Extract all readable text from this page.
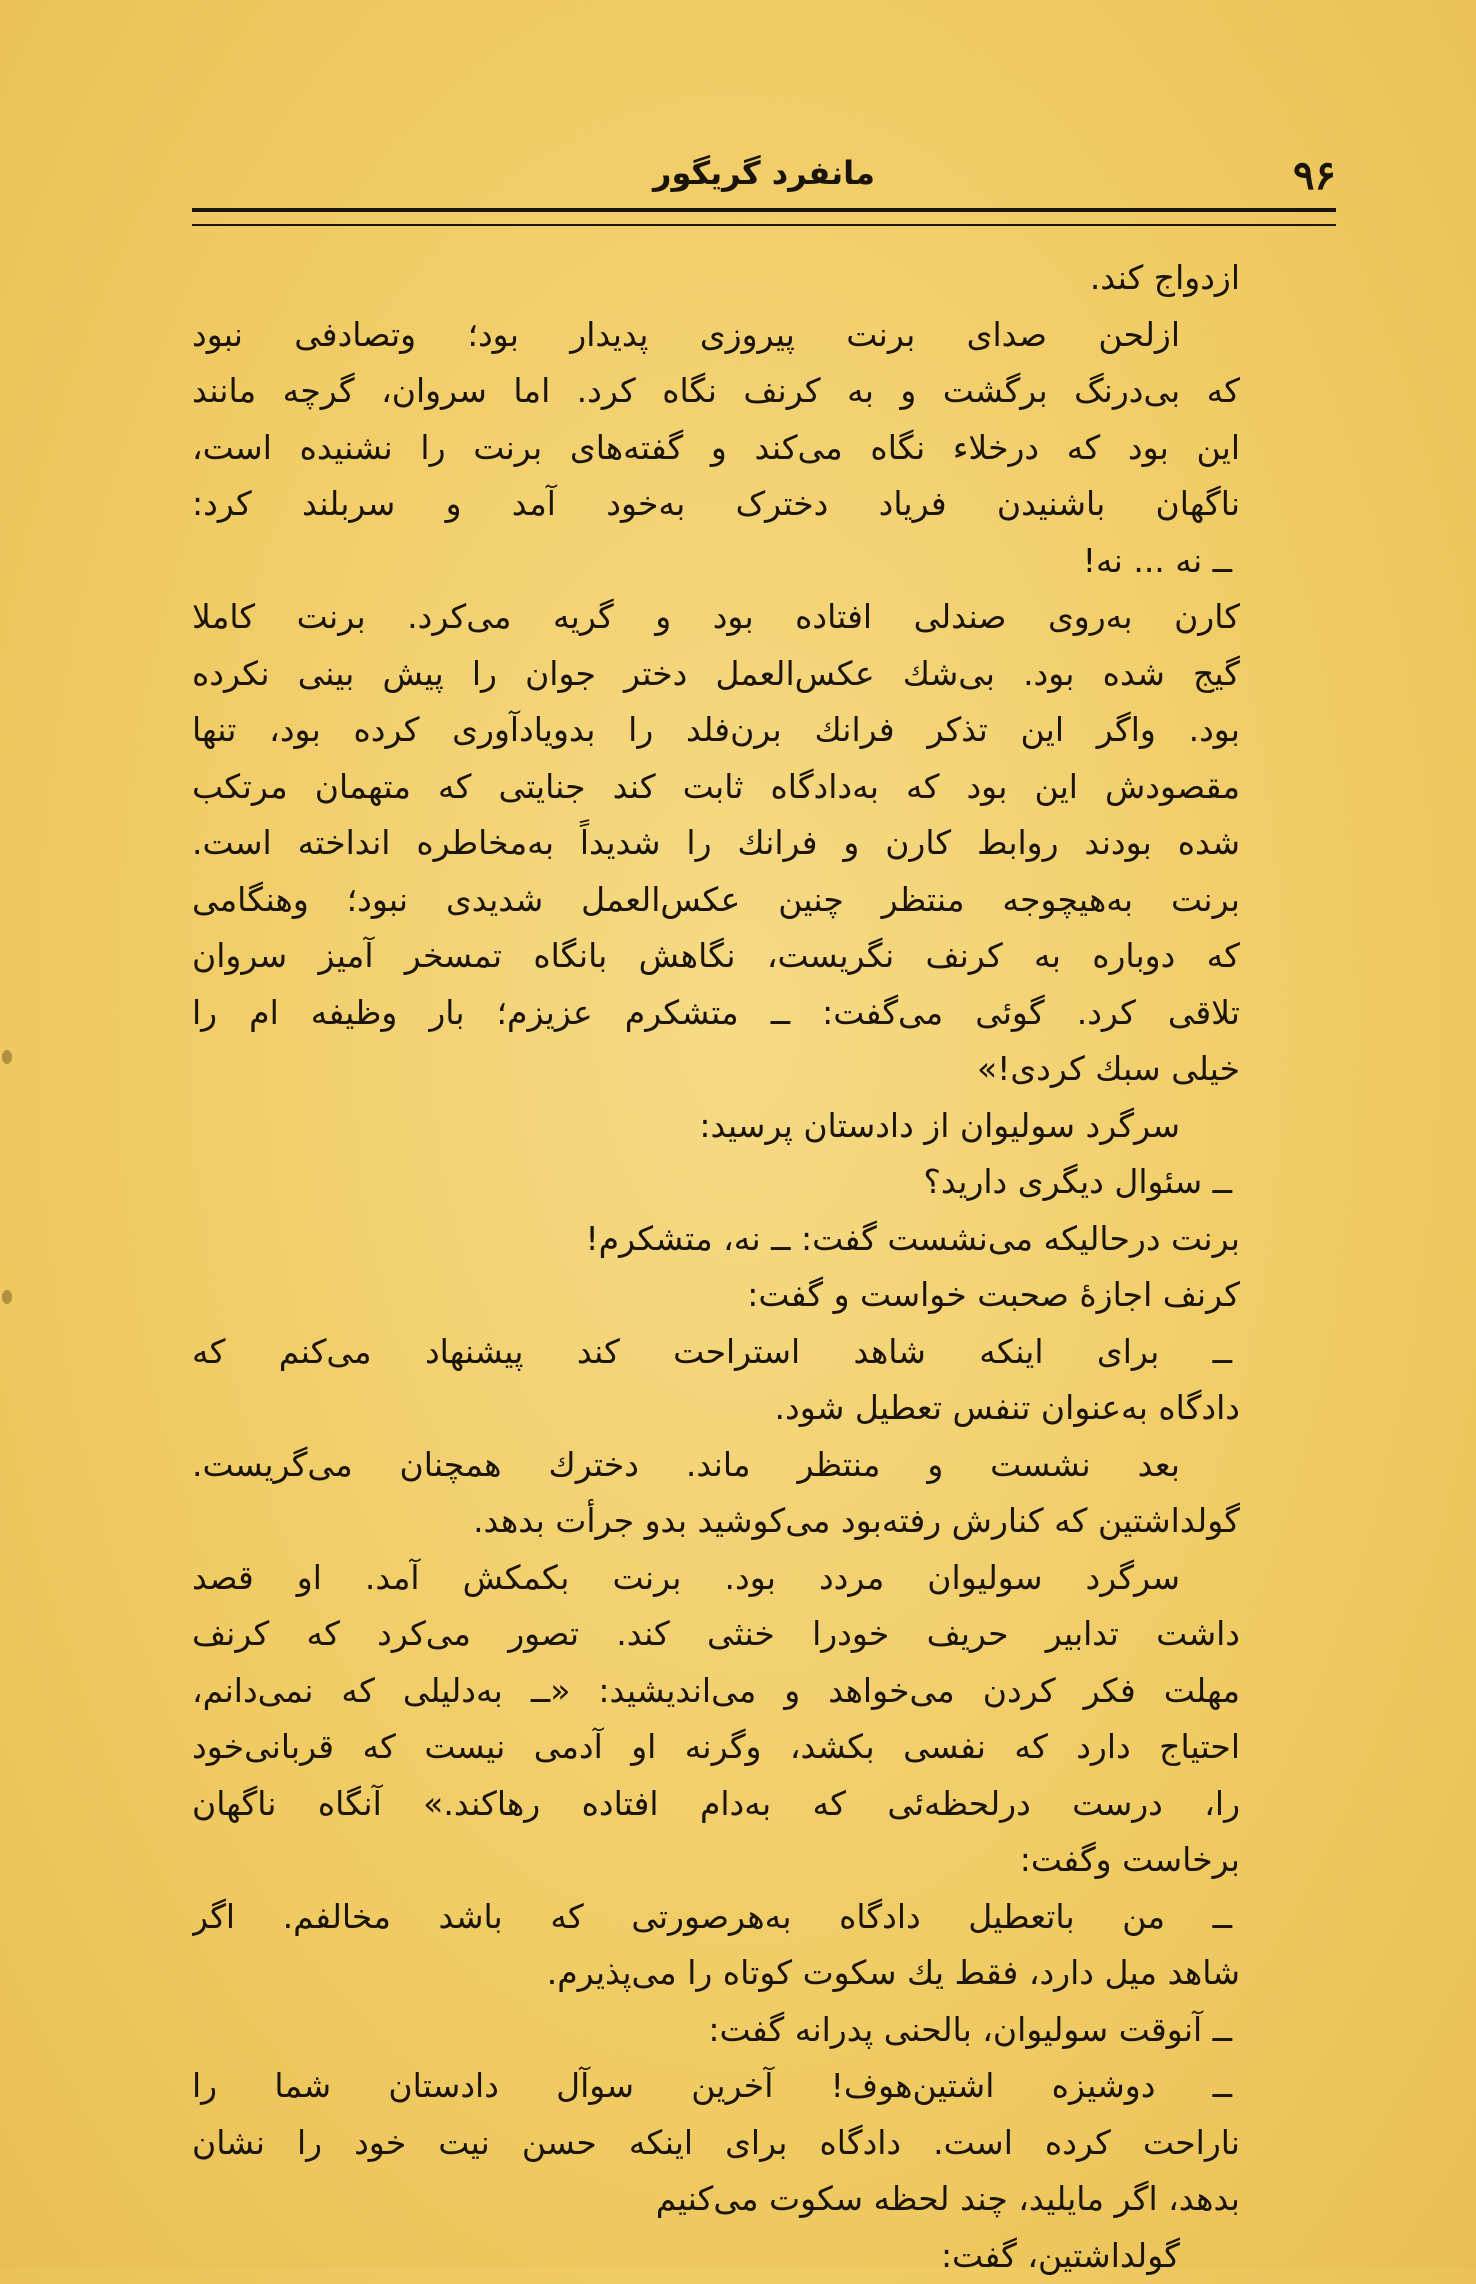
۹۶
مانفرد گریگور
ازدواج کند.
ازلحن صدای برنت پیروزی پدیدار بود؛ وتصادفی نبود
که بی‌درنگ برگشت و به کرنف نگاه کرد. اما سروان، گرچه مانند
این بود که درخلاء نگاه می‌کند و گفته‌های برنت را نشنیده است،
ناگهان باشنیدن فریاد دخترک به‌خود آمد و سربلند کرد:
ــ نه ... نه!
کارن به‌روی صندلی افتاده بود و گریه می‌کرد. برنت کاملا
گیج شده بود. بی‌شك عکس‌العمل دختر جوان را پیش بینی نکرده
بود. واگر این تذکر فرانك برن‌فلد را بدویادآوری کرده بود، تنها
مقصودش این بود که به‌دادگاه ثابت کند جنایتی که متهمان مرتکب
شده بودند روابط کارن و فرانك را شدیداً به‌مخاطره انداخته است.
برنت به‌هیچوجه منتظر چنین عکس‌العمل شدیدی نبود؛ وهنگامی
که دوباره به کرنف نگریست، نگاهش بانگاه تمسخر آمیز سروان
تلاقی کرد. گوئی می‌گفت: ــ متشکرم عزیزم؛ بار وظیفه ام را
خیلی سبك کردی!»
سرگرد سولیوان از دادستان پرسید:
ــ سئوال دیگری دارید؟
برنت درحالیکه می‌نشست گفت: ــ نه، متشکرم!
کرنف اجازهٔ صحبت خواست و گفت:
ــ برای اینکه شاهد استراحت کند پیشنهاد می‌کنم که
دادگاه به‌عنوان تنفس تعطیل شود.
بعد نشست و منتظر ماند. دخترك همچنان می‌گریست.
گولداشتین که کنارش رفته‌بود می‌کوشید بدو جرأت بدهد.
سرگرد سولیوان مردد بود. برنت بکمکش آمد. او قصد
داشت تدابیر حریف خودرا خنثی کند. تصور می‌کرد که کرنف
مهلت فکر کردن می‌خواهد و می‌اندیشید: «ــ به‌دلیلی که نمی‌دانم،
احتیاج دارد که نفسی بکشد، وگرنه او آدمی نیست که قربانی‌خود
را، درست درلحظه‌ئی که به‌دام افتاده رهاکند.» آنگاه ناگهان
برخاست وگفت:
ــ من باتعطیل دادگاه به‌هرصورتی که باشد مخالفم. اگر
شاهد میل دارد، فقط يك سكوت کوتاه را می‌پذیرم.
ــ آنوقت سولیوان، بالحنی پدرانه گفت:
ــ دوشیزه اشتین‌هوف! آخرین سوآل دادستان شما را
ناراحت کرده است. دادگاه برای اینکه حسن نیت خود را نشان
بدهد، اگر مایلید، چند لحظه سکوت می‌کنیم
گولداشتین، گفت:
